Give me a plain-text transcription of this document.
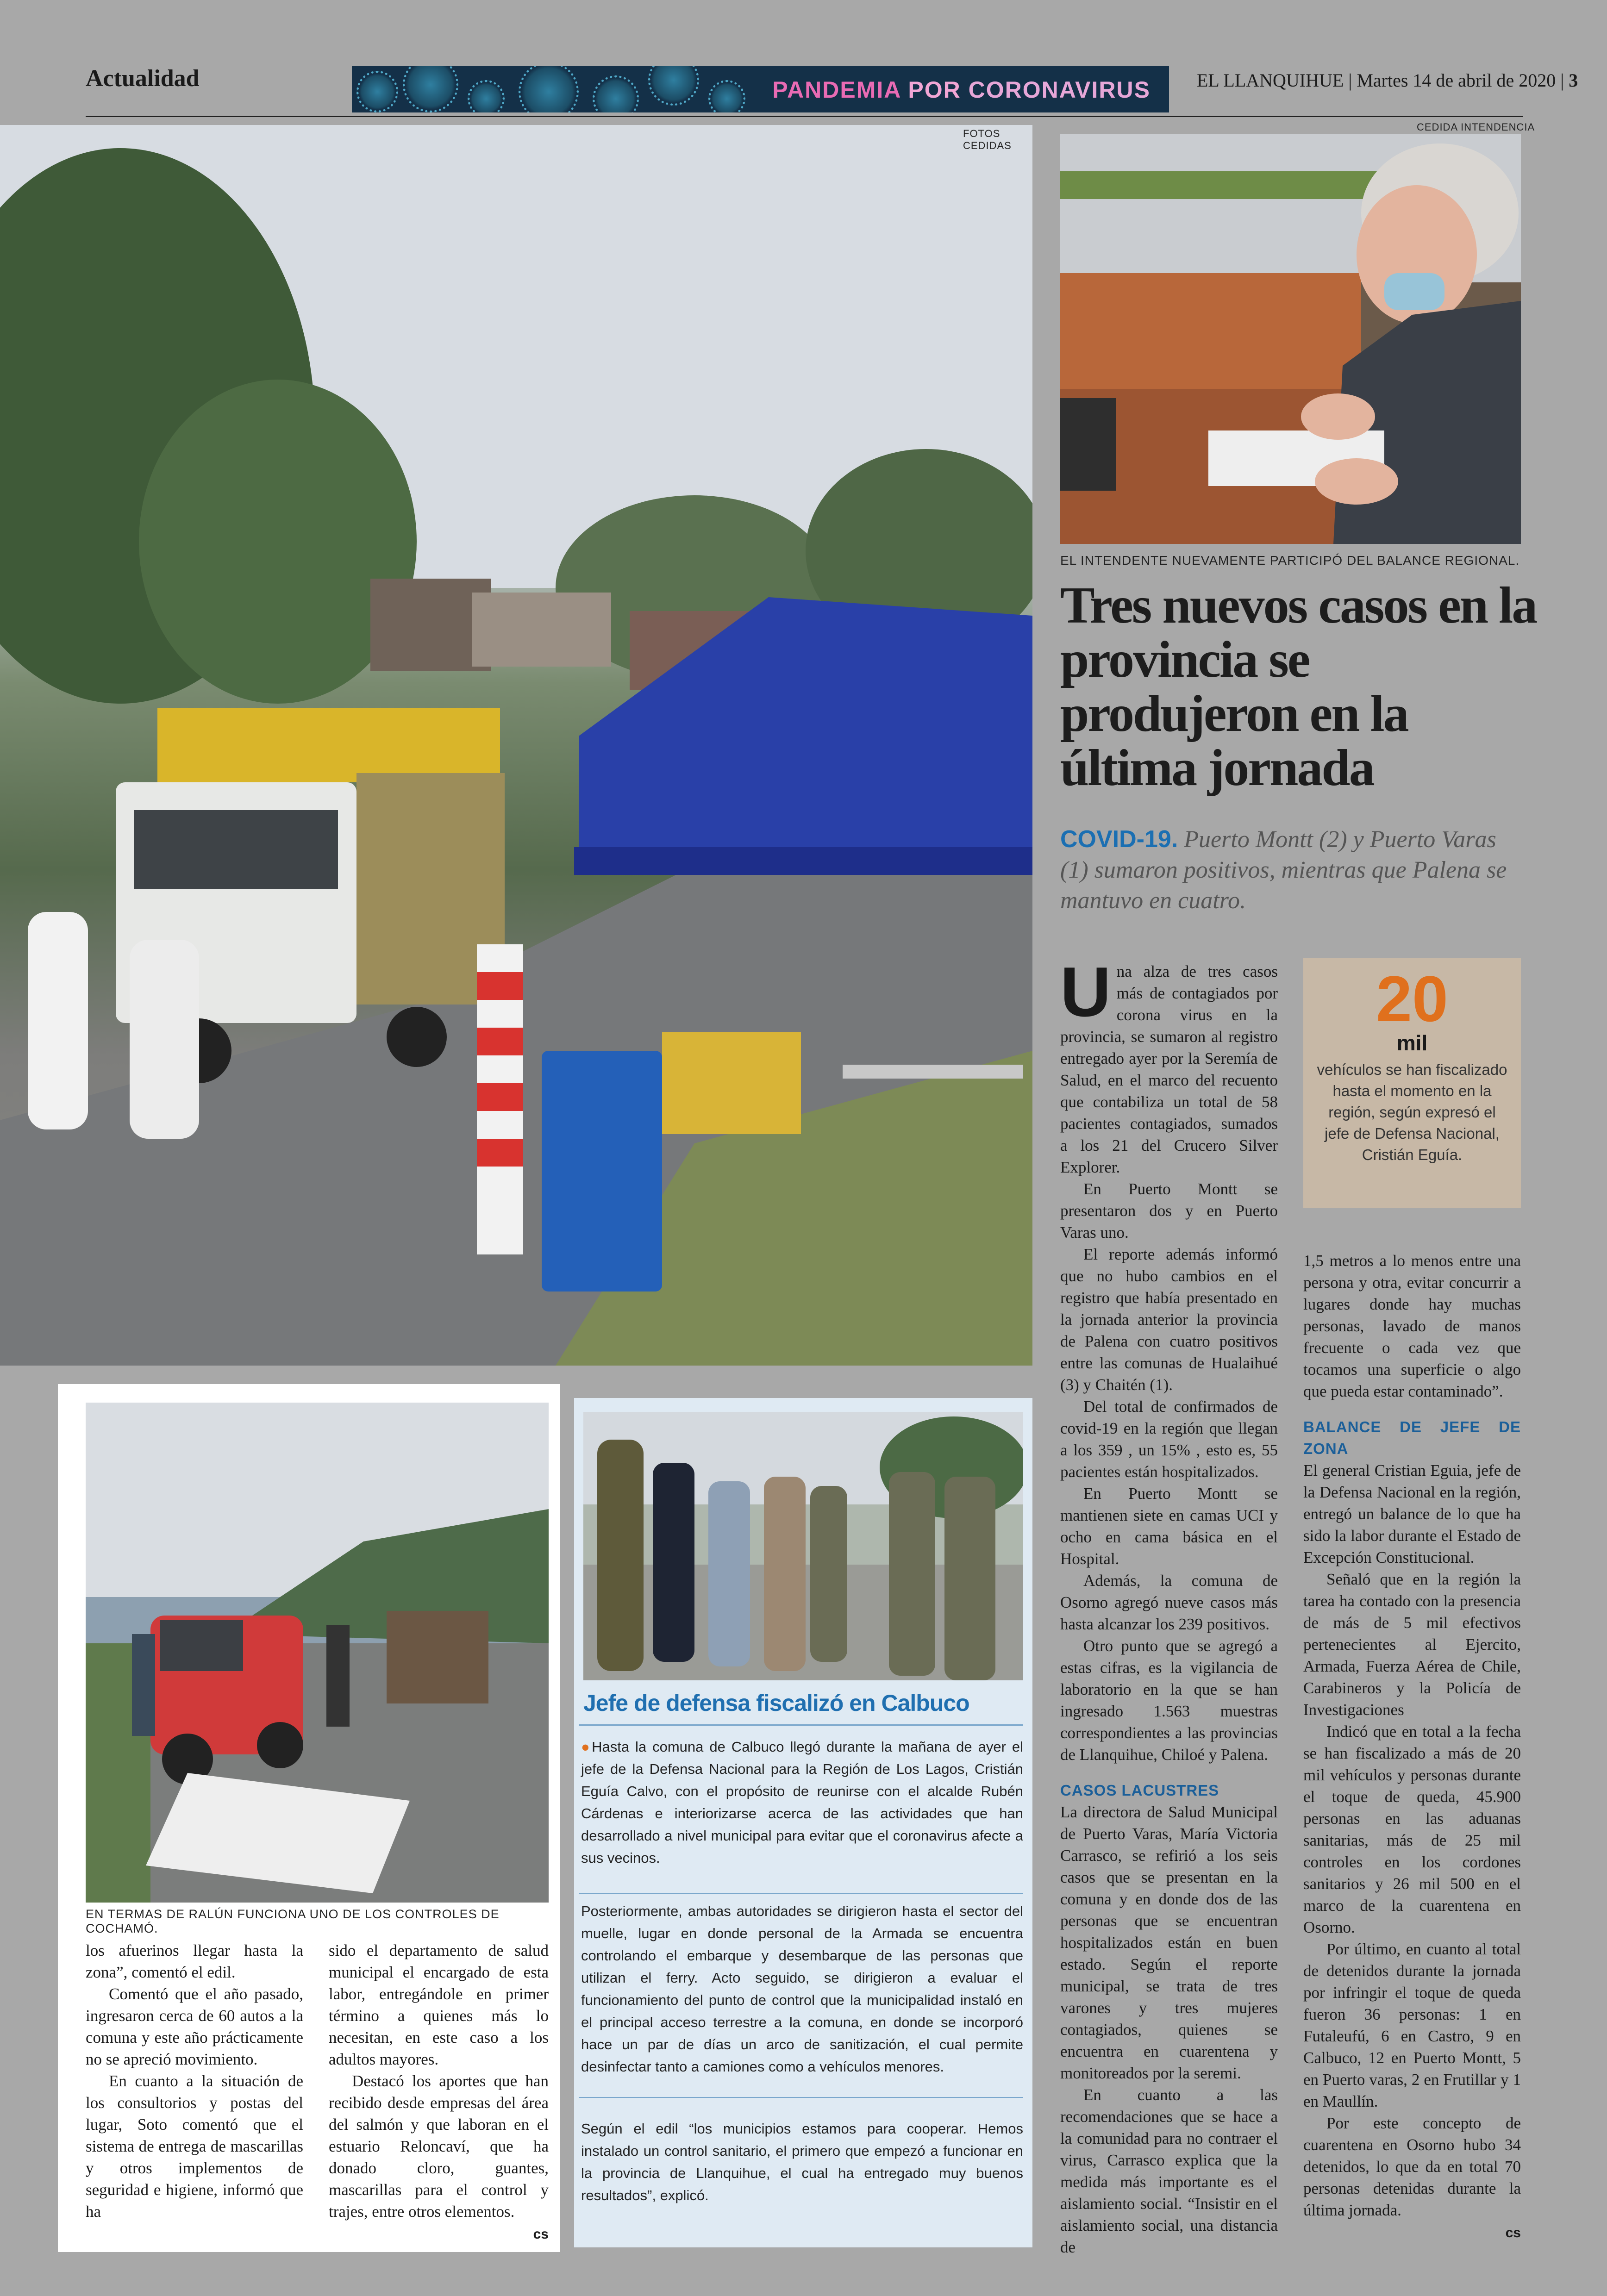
Actualidad	PANDEMIA POR CORONAVIRUS	EL LLANQUIHUE | Martes 14 de abril de 2020 | 3
FOTOS CEDIDAS
CEDIDA INTENDENCIA
EL INTENDENTE NUEVAMENTE PARTICIPÓ DEL BALANCE REGIONAL.
Tres nuevos casos en la provincia se produjeron en la última jornada
COVID-19. Puerto Montt (2) y Puerto Varas (1) sumaron positivos, mientras que Palena se mantuvo en cuatro.

Una alza de tres casos más de contagiados por corona virus en la provincia, se sumaron al registro entregado ayer por la Seremía de Salud, en el marco del recuento que contabiliza un total de 58 pacientes contagiados, sumados a los 21 del Crucero Silver Explorer.

En Puerto Montt se presentaron dos y en Puerto Varas uno.

El reporte además informó que no hubo cambios en el registro que había presentado en la jornada anterior la provincia de Palena con cuatro positivos entre las comunas de Hualaihué (3) y Chaitén (1).

Del total de confirmados de covid-19 en la región que llegan a los 359 , un 15% , esto es, 55 pacientes están hospitalizados.

En Puerto Montt se mantienen siete en camas UCI y ocho en cama básica en el Hospital.

Además, la comuna de Osorno agregó nueve casos más hasta alcanzar los 239 positivos.

Otro punto que se agregó a estas cifras, es la vigilancia de laboratorio en la que se han ingresado 1.563 muestras correspondientes a las provincias de Llanquihue, Chiloé y Palena.

CASOS LACUSTRES

La directora de Salud Municipal de Puerto Varas, María Victoria Carrasco, se refirió a los seis casos que se presentan en la comuna y en donde dos de las personas que se encuentran hospitalizados están en buen estado. Según el reporte municipal, se trata de tres varones y tres mujeres contagiados, quienes se encuentra en cuarentena y monitoreados por la seremi.

En cuanto a las recomendaciones que se hace a la comunidad para no contraer el virus, Carrasco explica que la medida más importante es el aislamiento social. “Insistir en el aislamiento social, una distancia de

20
mil
vehículos se han fiscalizado hasta el momento en la región, según expresó el jefe de Defensa Nacional, Cristián Eguía.

1,5 metros a lo menos entre una persona y otra, evitar concurrir a lugares donde hay muchas personas, lavado de manos frecuente o cada vez que tocamos una superficie o algo que pueda estar contaminado”.

BALANCE DE JEFE DE ZONA

El general Cristian Eguia, jefe de la Defensa Nacional en la región, entregó un balance de lo que ha sido la labor durante el Estado de Excepción Constitucional.

Señaló que en la región la tarea ha contado con la presencia de más de 5 mil efectivos pertenecientes al Ejercito, Armada, Fuerza Aérea de Chile, Carabineros y la Policía de Investigaciones

Indicó que en total a la fecha se han fiscalizado a más de 20 mil vehículos y personas durante el toque de queda, 45.900 personas en las aduanas sanitarias, más de 25 mil controles en los cordones sanitarios y 26 mil 500 en el marco de la cuarentena en Osorno.

Por último, en cuanto al total de detenidos durante la jornada por infringir el toque de queda fueron 36 personas: 1 en Futaleufú, 6 en Castro, 9 en Calbuco, 12 en Puerto Montt, 5 en Puerto varas, 2 en Frutillar y 1 en Maullín.

Por este concepto de cuarentena en Osorno hubo 34 detenidos, lo que da en total 70 personas detenidas durante la última jornada.

cs
EN TERMAS DE RALÚN FUNCIONA UNO DE LOS CONTROLES DE COCHAMÓ.

los afuerinos llegar hasta la zona”, comentó el edil.

Comentó que el año pasado, ingresaron cerca de 60 autos a la comuna y este año prácticamente no se apreció movimiento.

En cuanto a la situación de los consultorios y postas del lugar, Soto comentó que el sistema de entrega de mascarillas y otros implementos de seguridad e higiene, informó que ha

sido el departamento de salud municipal el encargado de esta labor, entregándole en primer término a quienes más lo necesitan, en este caso a los adultos mayores.

Destacó los aportes que han recibido desde empresas del área del salmón y que laboran en el estuario Reloncaví, que ha donado cloro, guantes, mascarillas para el control y trajes, entre otros elementos.

cs
Jefe de defensa fiscalizó en Calbuco
●Hasta la comuna de Calbuco llegó durante la mañana de ayer el jefe de la Defensa Nacional para la Región de Los Lagos, Cristián Eguía Calvo, con el propósito de reunirse con el alcalde Rubén Cárdenas e interiorizarse acerca de las actividades que han desarrollado a nivel municipal para evitar que el coronavirus afecte a sus vecinos.
Posteriormente, ambas autoridades se dirigieron hasta el sector del muelle, lugar en donde personal de la Armada se encuentra controlando el embarque y desembarque de las personas que utilizan el ferry. Acto seguido, se dirigieron a evaluar el funcionamiento del punto de control que la municipalidad instaló en el principal acceso terrestre a la comuna, en donde se incorporó hace un par de días un arco de sanitización, el cual permite desinfectar tanto a camiones como a vehículos menores.
Según el edil “los municipios estamos para cooperar. Hemos instalado un control sanitario, el primero que empezó a funcionar en la provincia de Llanquihue, el cual ha entregado muy buenos resultados”, explicó.
